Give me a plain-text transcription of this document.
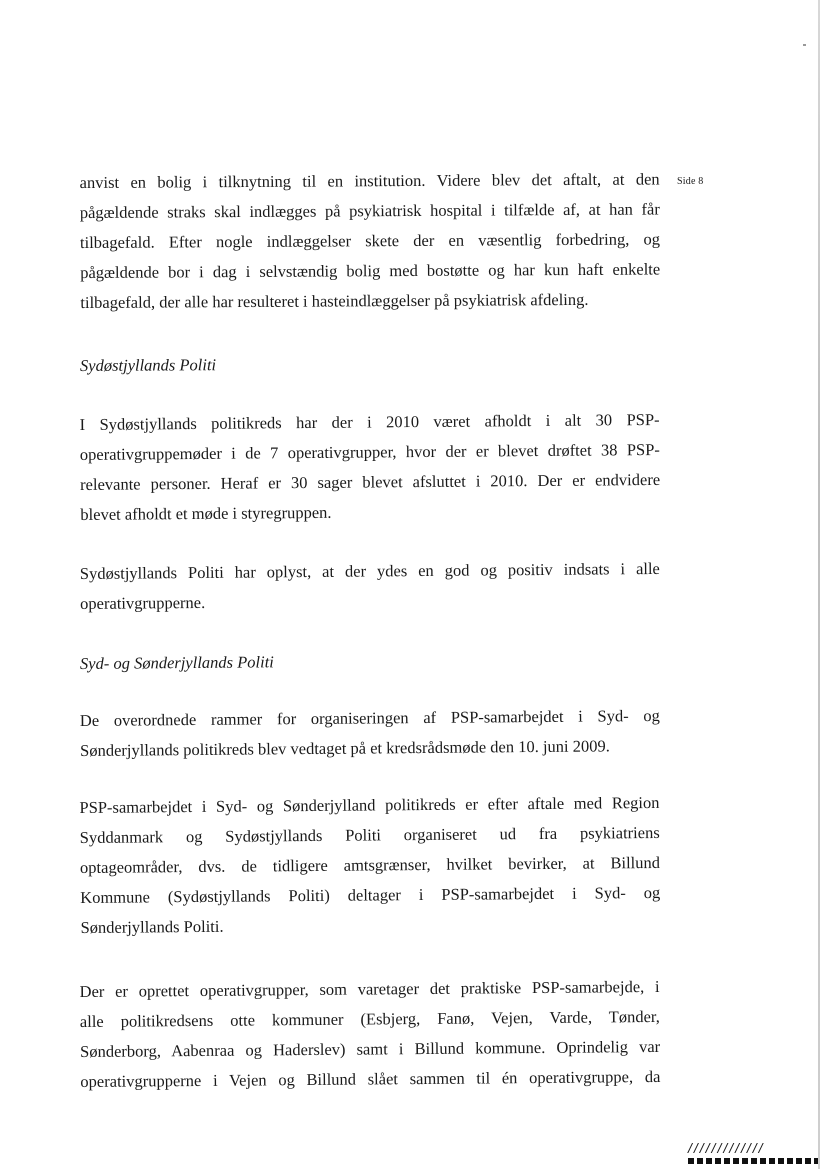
Side 8
anvist en bolig i tilknytning til en institution. Videre blev det aftalt, at den
pågældende straks skal indlægges på psykiatrisk hospital i tilfælde af, at han får
tilbagefald. Efter nogle indlæggelser skete der en væsentlig forbedring, og
pågældende bor i dag i selvstændig bolig med bostøtte og har kun haft enkelte
tilbagefald, der alle har resulteret i hasteindlæggelser på psykiatrisk afdeling.
Sydøstjyllands Politi
I Sydøstjyllands politikreds har der i 2010 været afholdt i alt 30 PSP-
operativgruppemøder i de 7 operativgrupper, hvor der er blevet drøftet 38 PSP-
relevante personer. Heraf er 30 sager blevet afsluttet i 2010. Der er endvidere
blevet afholdt et møde i styregruppen.
Sydøstjyllands Politi har oplyst, at der ydes en god og positiv indsats i alle
operativgrupperne.
Syd- og Sønderjyllands Politi
De overordnede rammer for organiseringen af PSP-samarbejdet i Syd- og
Sønderjyllands politikreds blev vedtaget på et kredsrådsmøde den 10. juni 2009.
PSP-samarbejdet i Syd- og Sønderjylland politikreds er efter aftale med Region
Syddanmark og Sydøstjyllands Politi organiseret ud fra psykiatriens
optageområder, dvs. de tidligere amtsgrænser, hvilket bevirker, at Billund
Kommune (Sydøstjyllands Politi) deltager i PSP-samarbejdet i Syd- og
Sønderjyllands Politi.
Der er oprettet operativgrupper, som varetager det praktiske PSP-samarbejde, i
alle politikredsens otte kommuner (Esbjerg, Fanø, Vejen, Varde, Tønder,
Sønderborg, Aabenraa og Haderslev) samt i Billund kommune. Oprindelig var
operativgrupperne i Vejen og Billund slået sammen til én operativgruppe, da
/////////////
